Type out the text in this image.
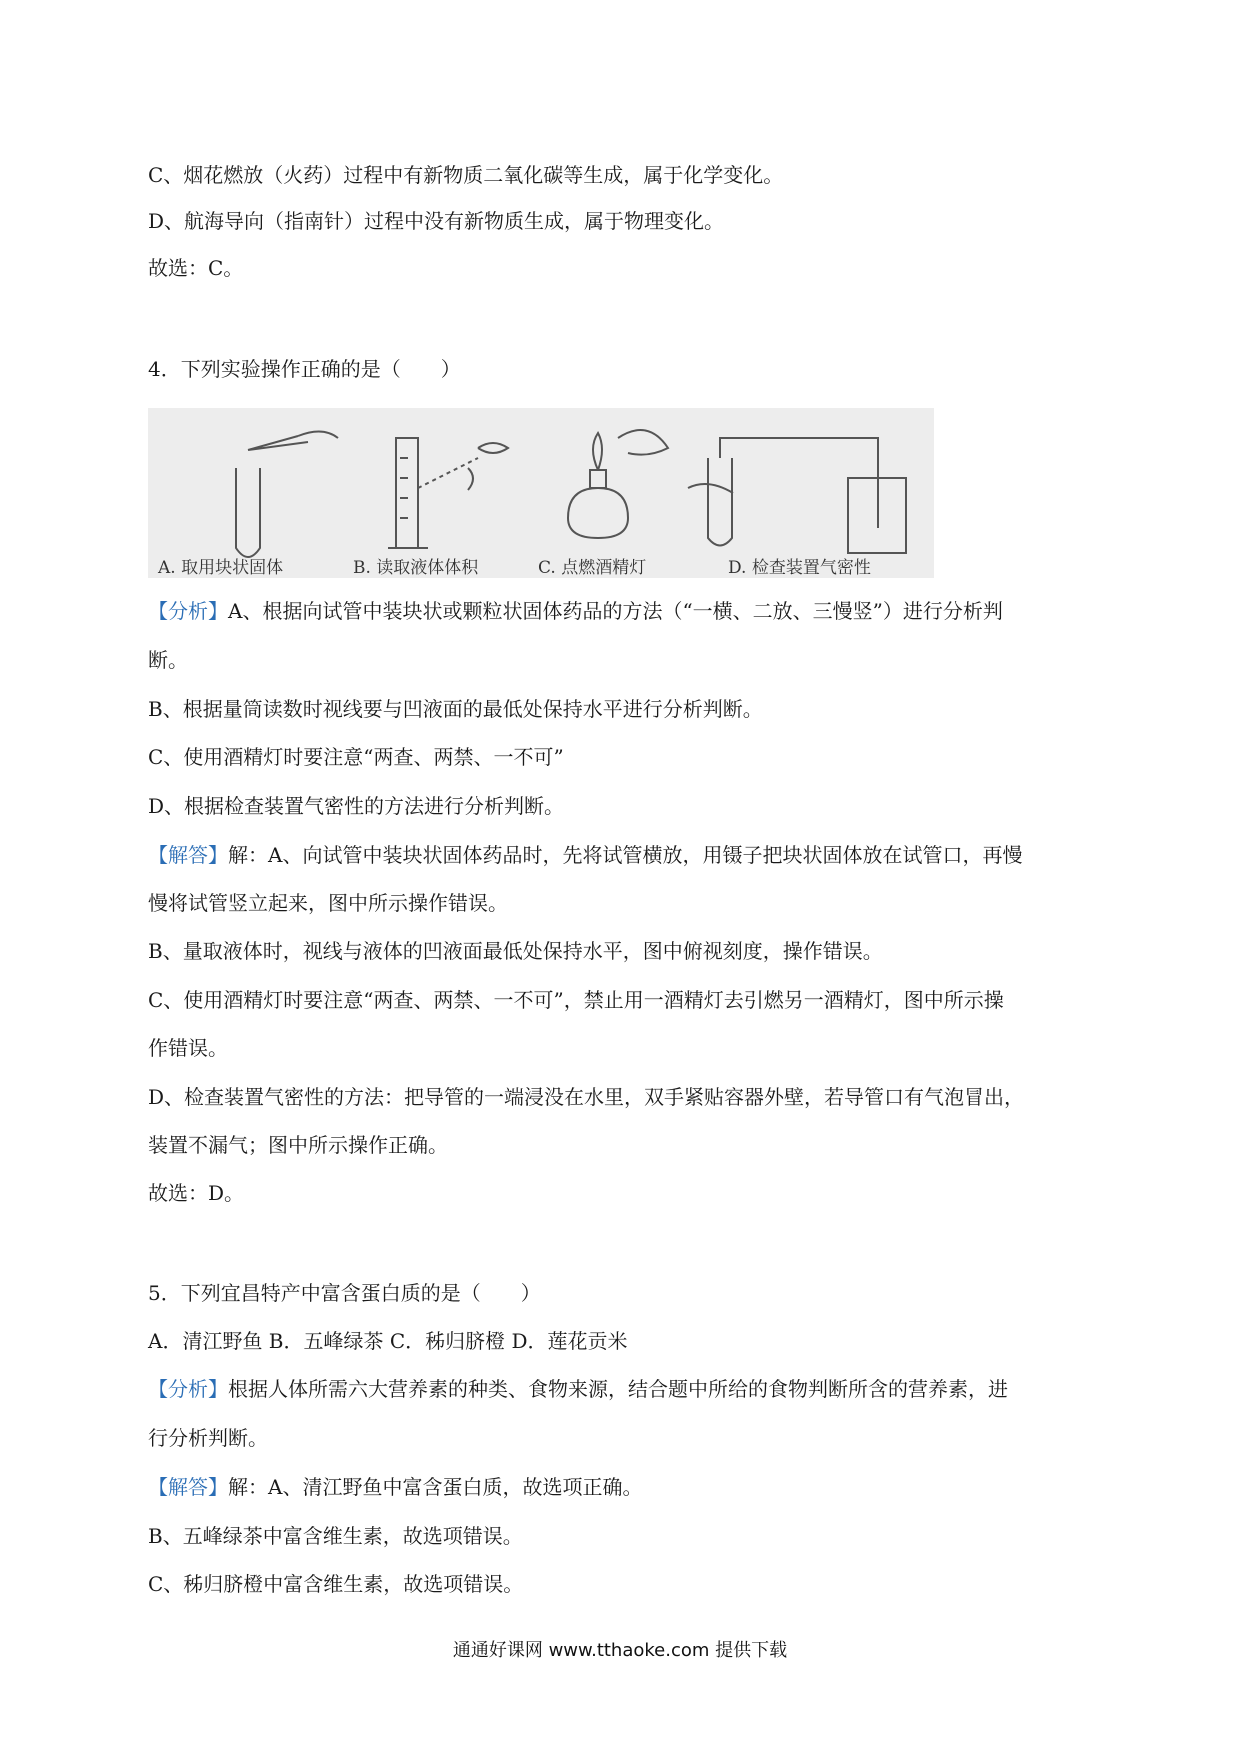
C、烟花燃放（火药）过程中有新物质二氧化碳等生成，属于化学变化。
D、航海导向（指南针）过程中没有新物质生成，属于物理变化。
故选：C。
4．下列实验操作正确的是（　　）
A. 取用块状固体	B. 读取液体体积	C. 点燃酒精灯	D. 检查装置气密性
【分析】A、根据向试管中装块状或颗粒状固体药品的方法（“一横、二放、三慢竖”）进行分析判
断。
B、根据量筒读数时视线要与凹液面的最低处保持水平进行分析判断。
C、使用酒精灯时要注意“两查、两禁、一不可”
D、根据检查装置气密性的方法进行分析判断。
【解答】解：A、向试管中装块状固体药品时，先将试管横放，用镊子把块状固体放在试管口，再慢
慢将试管竖立起来，图中所示操作错误。
B、量取液体时，视线与液体的凹液面最低处保持水平，图中俯视刻度，操作错误。
C、使用酒精灯时要注意“两查、两禁、一不可”，禁止用一酒精灯去引燃另一酒精灯，图中所示操
作错误。
D、检查装置气密性的方法：把导管的一端浸没在水里，双手紧贴容器外壁，若导管口有气泡冒出，
装置不漏气；图中所示操作正确。
故选：D。
5．下列宜昌特产中富含蛋白质的是（　　）
A．清江野鱼 B．五峰绿茶 C．秭归脐橙 D．莲花贡米
【分析】根据人体所需六大营养素的种类、食物来源，结合题中所给的食物判断所含的营养素，进
行分析判断。
【解答】解：A、清江野鱼中富含蛋白质，故选项正确。
B、五峰绿茶中富含维生素，故选项错误。
C、秭归脐橙中富含维生素，故选项错误。
通通好课网 www.tthaoke.com 提供下载
